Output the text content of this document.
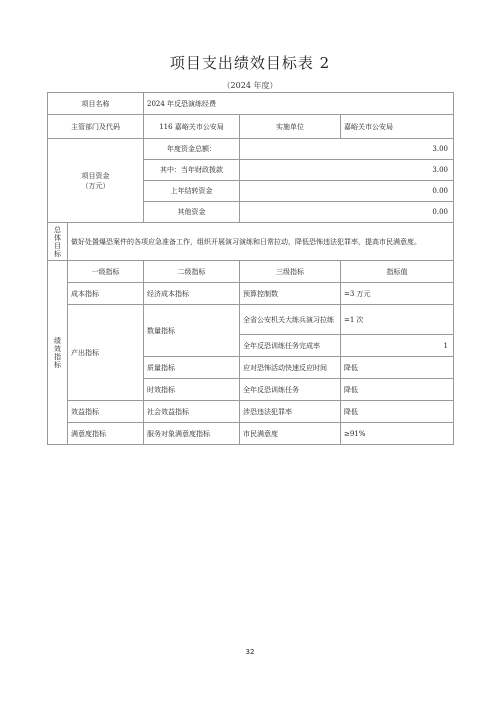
项目支出绩效目标表 2
（2024 年度）
项目名称		2024 年反恐演练经费		
主管部门及代码		116 嘉峪关市公安局	实施单位	嘉峪关市公安局

项目资金
（万元）		年度资金总额：	3.00	
		其中：当年财政拨款	3.00	
		上年结转资金	0.00	
		其他资金	0.00	

总体目标	做好处置爆恐案件的各项应急准备工作，组织开展演习演练和日常拉动，降低恐怖违法犯罪率，提高市民满意度。			

绩效指标	一级指标	二级指标	三级指标	指标值
	成本指标	经济成本指标	预算控制数	=3 万元
	产出指标	数量指标	全省公安机关大练兵演习拉练	=1 次
			全年反恐训练任务完成率	1
		质量指标	应对恐怖活动快速反应时间	降低
		时效指标	全年反恐训练任务	降低
	效益指标	社会效益指标	涉恐违法犯罪率	降低
	满意度指标	服务对象满意度指标	市民满意度	≥91%
32
